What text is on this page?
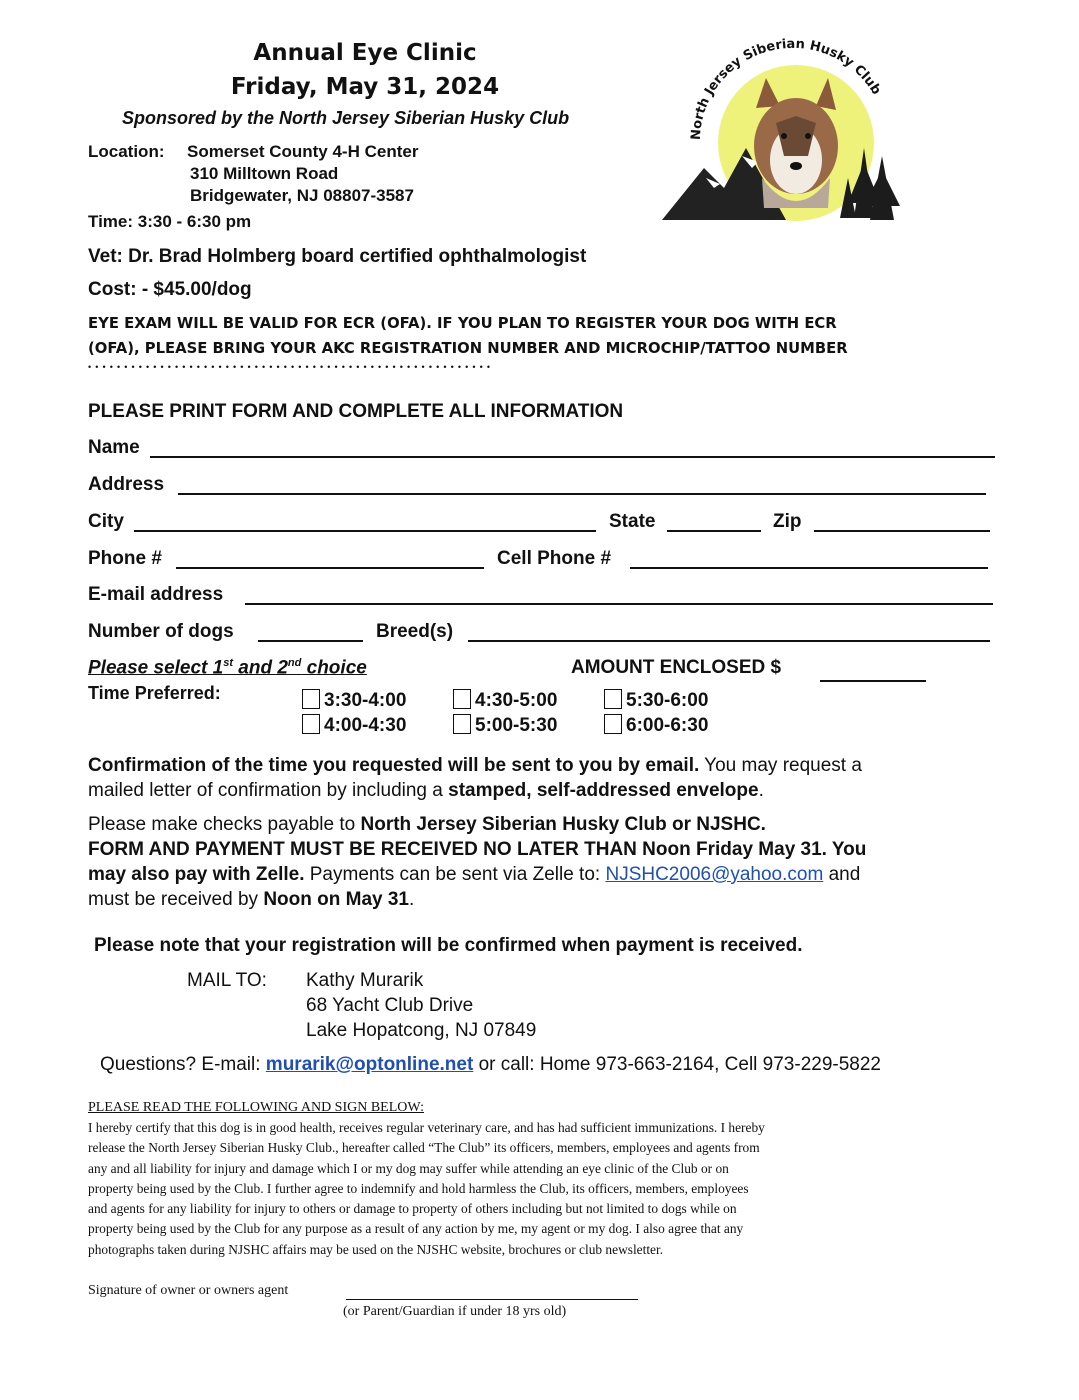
Annual Eye Clinic
Friday, May 31, 2024
Sponsored by the North Jersey Siberian Husky Club
North Jersey Siberian Husky Club
Location: Somerset County 4-H Center
310 Milltown Road
Bridgewater, NJ 08807-3587
Time: 3:30 - 6:30 pm
Vet: Dr. Brad Holmberg board certified ophthalmologist
Cost: - $45.00/dog
EYE EXAM WILL BE VALID FOR ECR (OFA). IF YOU PLAN TO REGISTER YOUR DOG WITH ECR
(OFA), PLEASE BRING YOUR AKC REGISTRATION NUMBER AND MICROCHIP/TATTOO NUMBER
• • • • • • • • • • • • • • • • • • • • • • • • • • • • • • • • • • • • • • • • • • • • • • • • • • • • • • • •
PLEASE PRINT FORM AND COMPLETE ALL INFORMATION
Name
Address
City	State	Zip
Phone #	Cell Phone #
E-mail address
Number of dogs	Breed(s)
Please select 1st and 2nd choice	AMOUNT ENCLOSED $
Time Preferred:	3:30-4:00	4:30-5:00	5:30-6:00
4:00-4:30	5:00-5:30	6:00-6:30
Confirmation of the time you requested will be sent to you by email. You may request a
mailed letter of confirmation by including a stamped, self-addressed envelope.
Please make checks payable to North Jersey Siberian Husky Club or NJSHC.
FORM AND PAYMENT MUST BE RECEIVED NO LATER THAN Noon Friday May 31. You
may also pay with Zelle. Payments can be sent via Zelle to: NJSHC2006@yahoo.com and
must be received by Noon on May 31.
Please note that your registration will be confirmed when payment is received.
MAIL TO: Kathy Murarik
68 Yacht Club Drive
Lake Hopatcong, NJ 07849
Questions? E-mail: murarik@optonline.net or call: Home 973-663-2164, Cell 973-229-5822
PLEASE READ THE FOLLOWING AND SIGN BELOW:
I hereby certify that this dog is in good health, receives regular veterinary care, and has had sufficient immunizations. I hereby
release the North Jersey Siberian Husky Club., hereafter called “The Club” its officers, members, employees and agents from
any and all liability for injury and damage which I or my dog may suffer while attending an eye clinic of the Club or on
property being used by the Club. I further agree to indemnify and hold harmless the Club, its officers, members, employees
and agents for any liability for injury to others or damage to property of others including but not limited to dogs while on
property being used by the Club for any purpose as a result of any action by me, my agent or my dog. I also agree that any
photographs taken during NJSHC affairs may be used on the NJSHC website, brochures or club newsletter.
Signature of owner or owners agent
(or Parent/Guardian if under 18 yrs old)
